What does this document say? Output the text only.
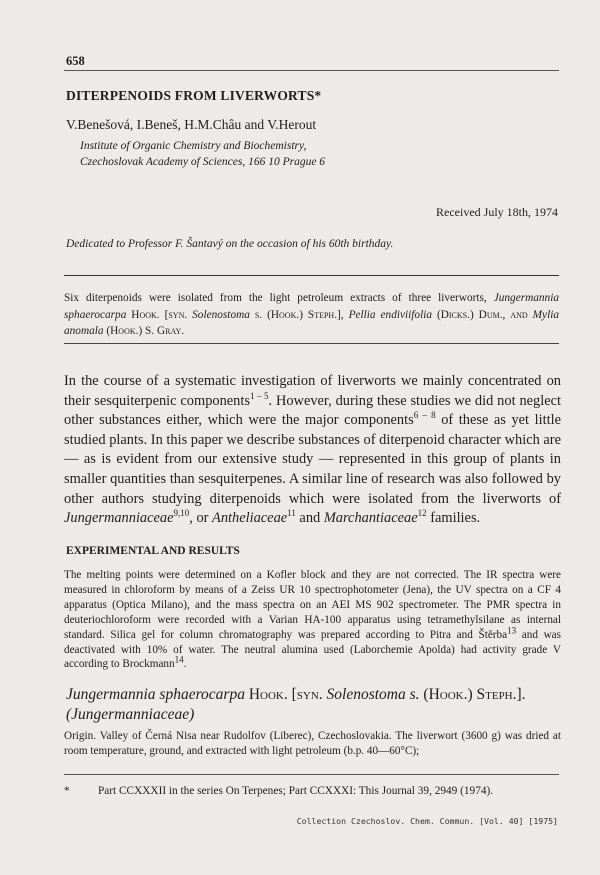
658
DITERPENOIDS FROM LIVERWORTS*
V.Benešová, I.Beneš, H.M.Châu and V.Herout
Institute of Organic Chemistry and Biochemistry,
Czechoslovak Academy of Sciences, 166 10 Prague 6
Received July 18th, 1974
Dedicated to Professor F. Šantavý on the occasion of his 60th birthday.
Six diterpenoids were isolated from the light petroleum extracts of three liverworts, Jungermannia sphaerocarpa Hook. [syn. Solenostoma s. (Hook.) Steph.], Pellia endiviifolia (Dicks.) Dum., and Mylia anomala (Hook.) S. Gray.
In the course of a systematic investigation of liverworts we mainly concentrated on their sesquiterpenic components$^{1 - 5}$. However, during these studies we did not neglect other substances either, which were the major components$^{6 - 8}$ of these as yet little studied plants. In this paper we describe substances of diterpenoid character which are — as is evident from our extensive study — represented in this group of plants in smaller quantities than sesquiterpenes. A similar line of research was also followed by other authors studying diterpenoids which were isolated from the liverworts of Jungermanniaceae$^{9,10}$, or Antheliaceae$^{11}$ and Marchantiaceae$^{12}$ families.
EXPERIMENTAL AND RESULTS
The melting points were determined on a Kofler block and they are not corrected. The IR spectra were measured in chloroform by means of a Zeiss UR 10 spectrophotometer (Jena), the UV spectra on a CF 4 apparatus (Optica Milano), and the mass spectra on an AEI MS 902 spectrometer. The PMR spectra in deuteriochloroform were recorded with a Varian HA-100 apparatus using tetramethylsilane as internal standard. Silica gel for column chromatography was prepared according to Pitra and Štěrba$^{13}$ and was deactivated with 10% of water. The neutral alumina used (Laborchemie Apolda) had activity grade V according to Brockmann$^{14}$.
Jungermannia sphaerocarpa Hook. [syn. Solenostoma s. (Hook.) Steph.].
(Jungermanniaceae)
Origin. Valley of Černá Nisa near Rudolfov (Liberec), Czechoslovakia. The liverwort (3600 g) was dried at room temperature, ground, and extracted with light petroleum (b.p. 40—60°C);
*	Part CCXXXII in the series On Terpenes; Part CCXXXI: This Journal 39, 2949 (1974).
Collection Czechoslov. Chem. Commun. [Vol. 40] [1975]
